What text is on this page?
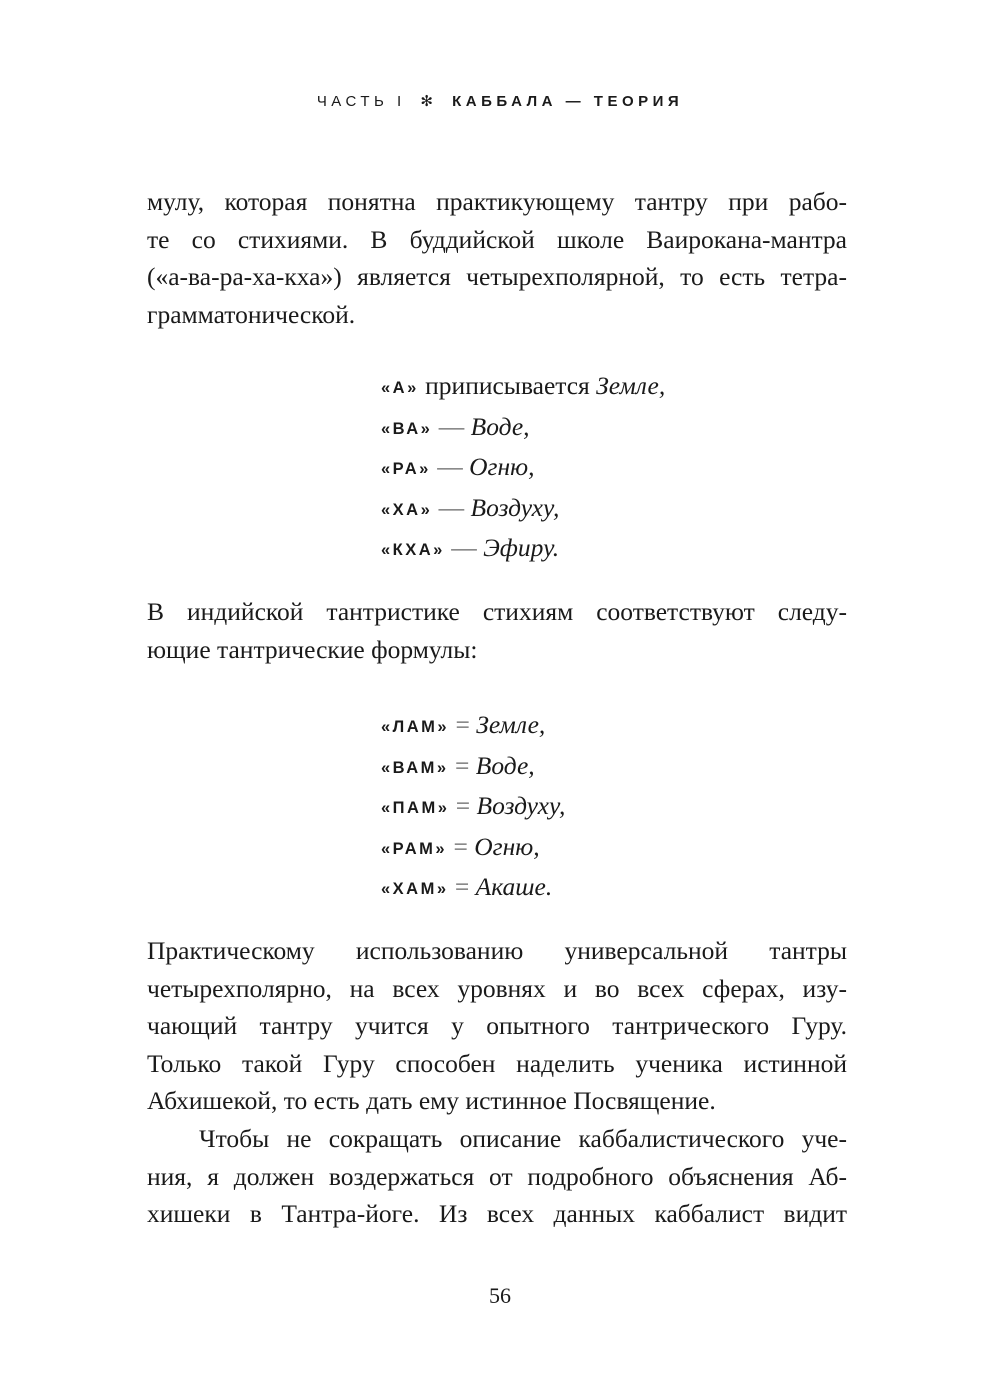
ЧАСТЬ I ✻ КАББАЛА — ТЕОРИЯ
мулу, которая понятна практикующему тантру при рабо-
те со стихиями. В буддийской школе Ваирокана-мантра
(«а-ва-ра-ха-кха») является четырехполярной, то есть тетра-
грамматонической.
«А» приписывается Земле,
«ВА» — Воде,
«РА» — Огню,
«ХА» — Воздуху,
«КХА» — Эфиру.
В индийской тантристике стихиям соответствуют следу-
ющие тантрические формулы:
«ЛАМ» = Земле,
«ВАМ» = Воде,
«ПАМ» = Воздуху,
«РАМ» = Огню,
«ХАМ» = Акаше.
Практическому использованию универсальной тантры
четырехполярно, на всех уровнях и во всех сферах, изу-
чающий тантру учится у опытного тантрического Гуру.
Только такой Гуру способен наделить ученика истинной
Абхишекой, то есть дать ему истинное Посвящение.
Чтобы не сокращать описание каббалистического уче-
ния, я должен воздержаться от подробного объяснения Аб-
хишеки в Тантра-йоге. Из всех данных каббалист видит
56
